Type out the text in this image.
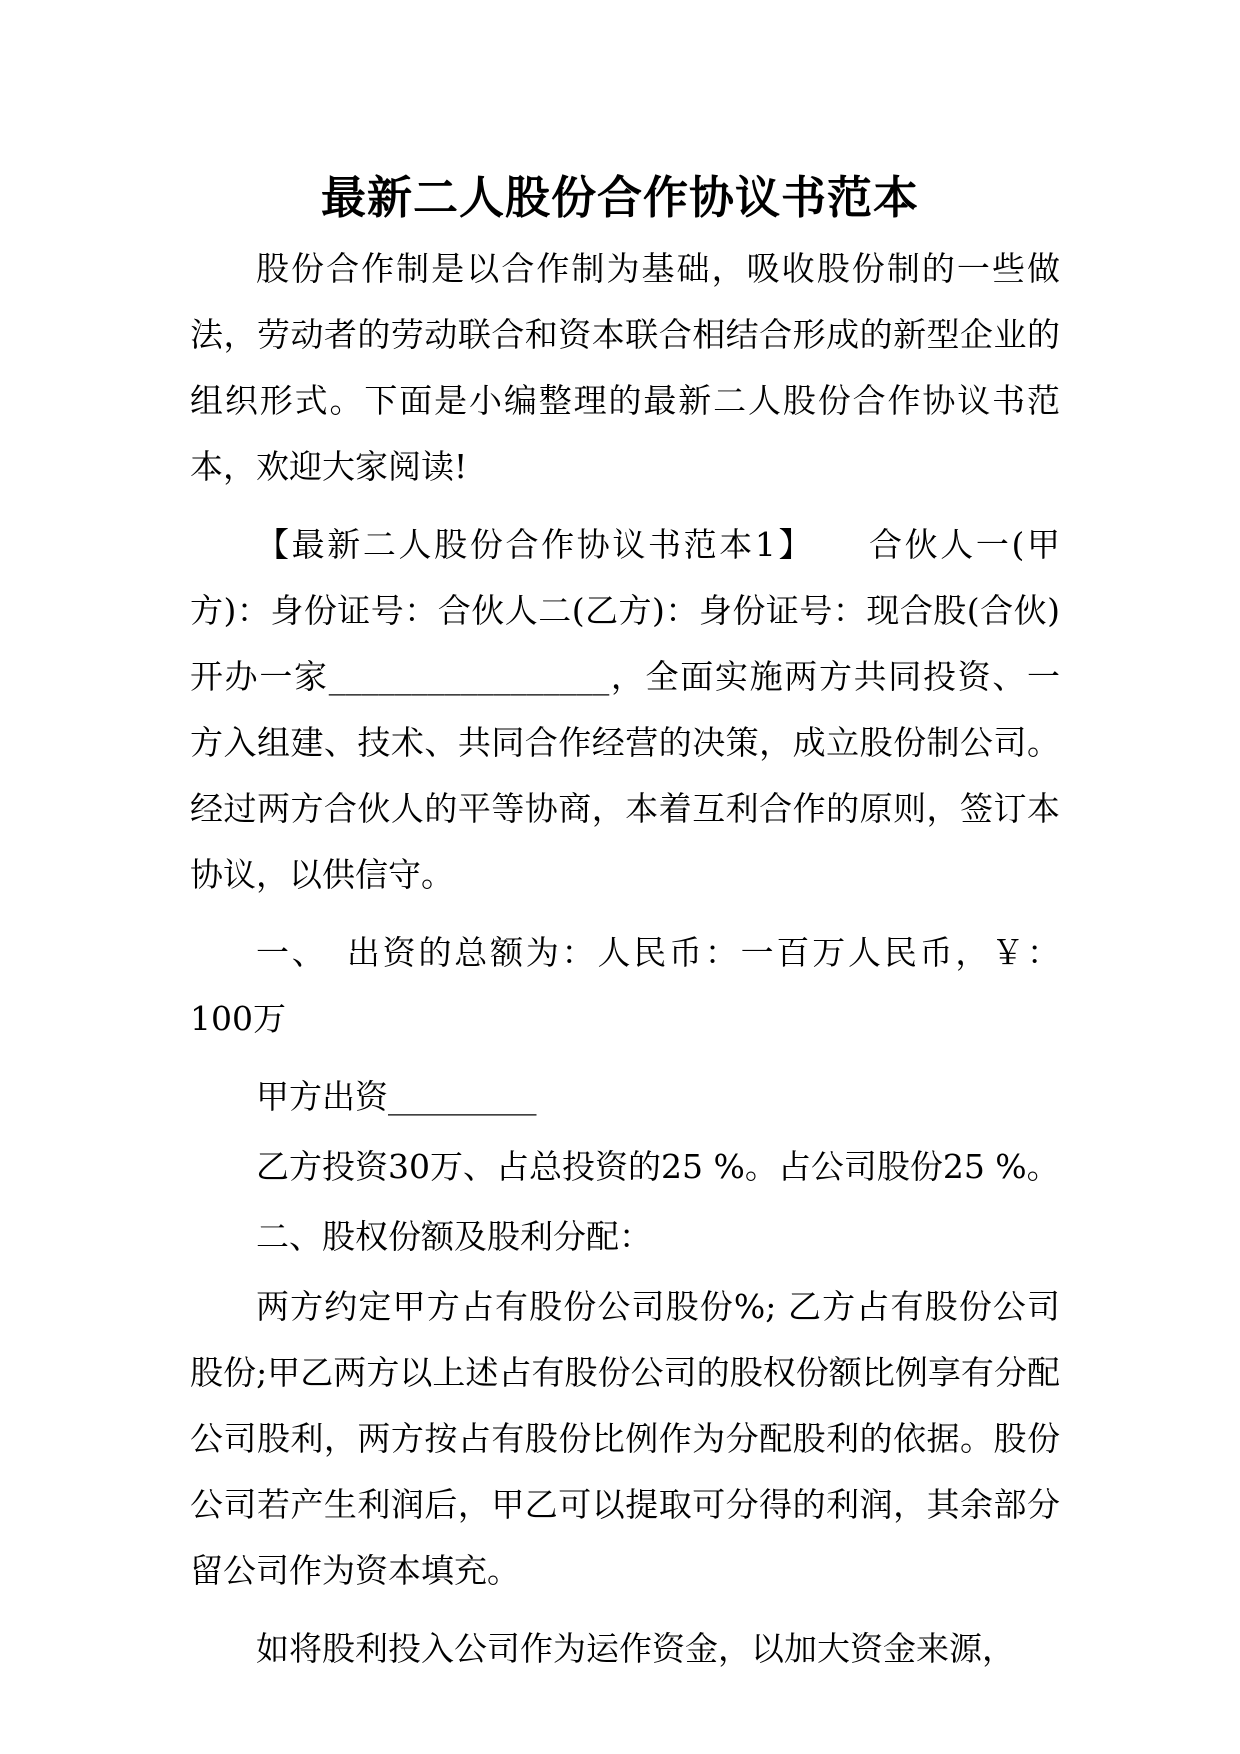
最新二人股份合作协议书范本

股份合作制是以合作制为基础，吸收股份制的一些做法，劳动者的劳动联合和资本联合相结合形成的新型企业的组织形式。下面是小编整理的最新二人股份合作协议书范本，欢迎大家阅读!

【最新二人股份合作协议书范本1】　　合伙人一(甲方)：身份证号：合伙人二(乙方)：身份证号：现合股(合伙)开办一家_________________，全面实施两方共同投资、一方入组建、技术、共同合作经营的决策，成立股份制公司。经过两方合伙人的平等协商，本着互利合作的原则，签订本协议，以供信守。

一、　出资的总额为：人民币：一百万人民币，￥：100万

甲方出资_________

乙方投资30万、占总投资的25 %。占公司股份25 %。

二、股权份额及股利分配：

两方约定甲方占有股份公司股份%; 乙方占有股份公司股份;甲乙两方以上述占有股份公司的股权份额比例享有分配公司股利，两方按占有股份比例作为分配股利的依据。股份公司若产生利润后，甲乙可以提取可分得的利润，其余部分留公司作为资本填充。

如将股利投入公司作为运作资金，以加大资金来源，
